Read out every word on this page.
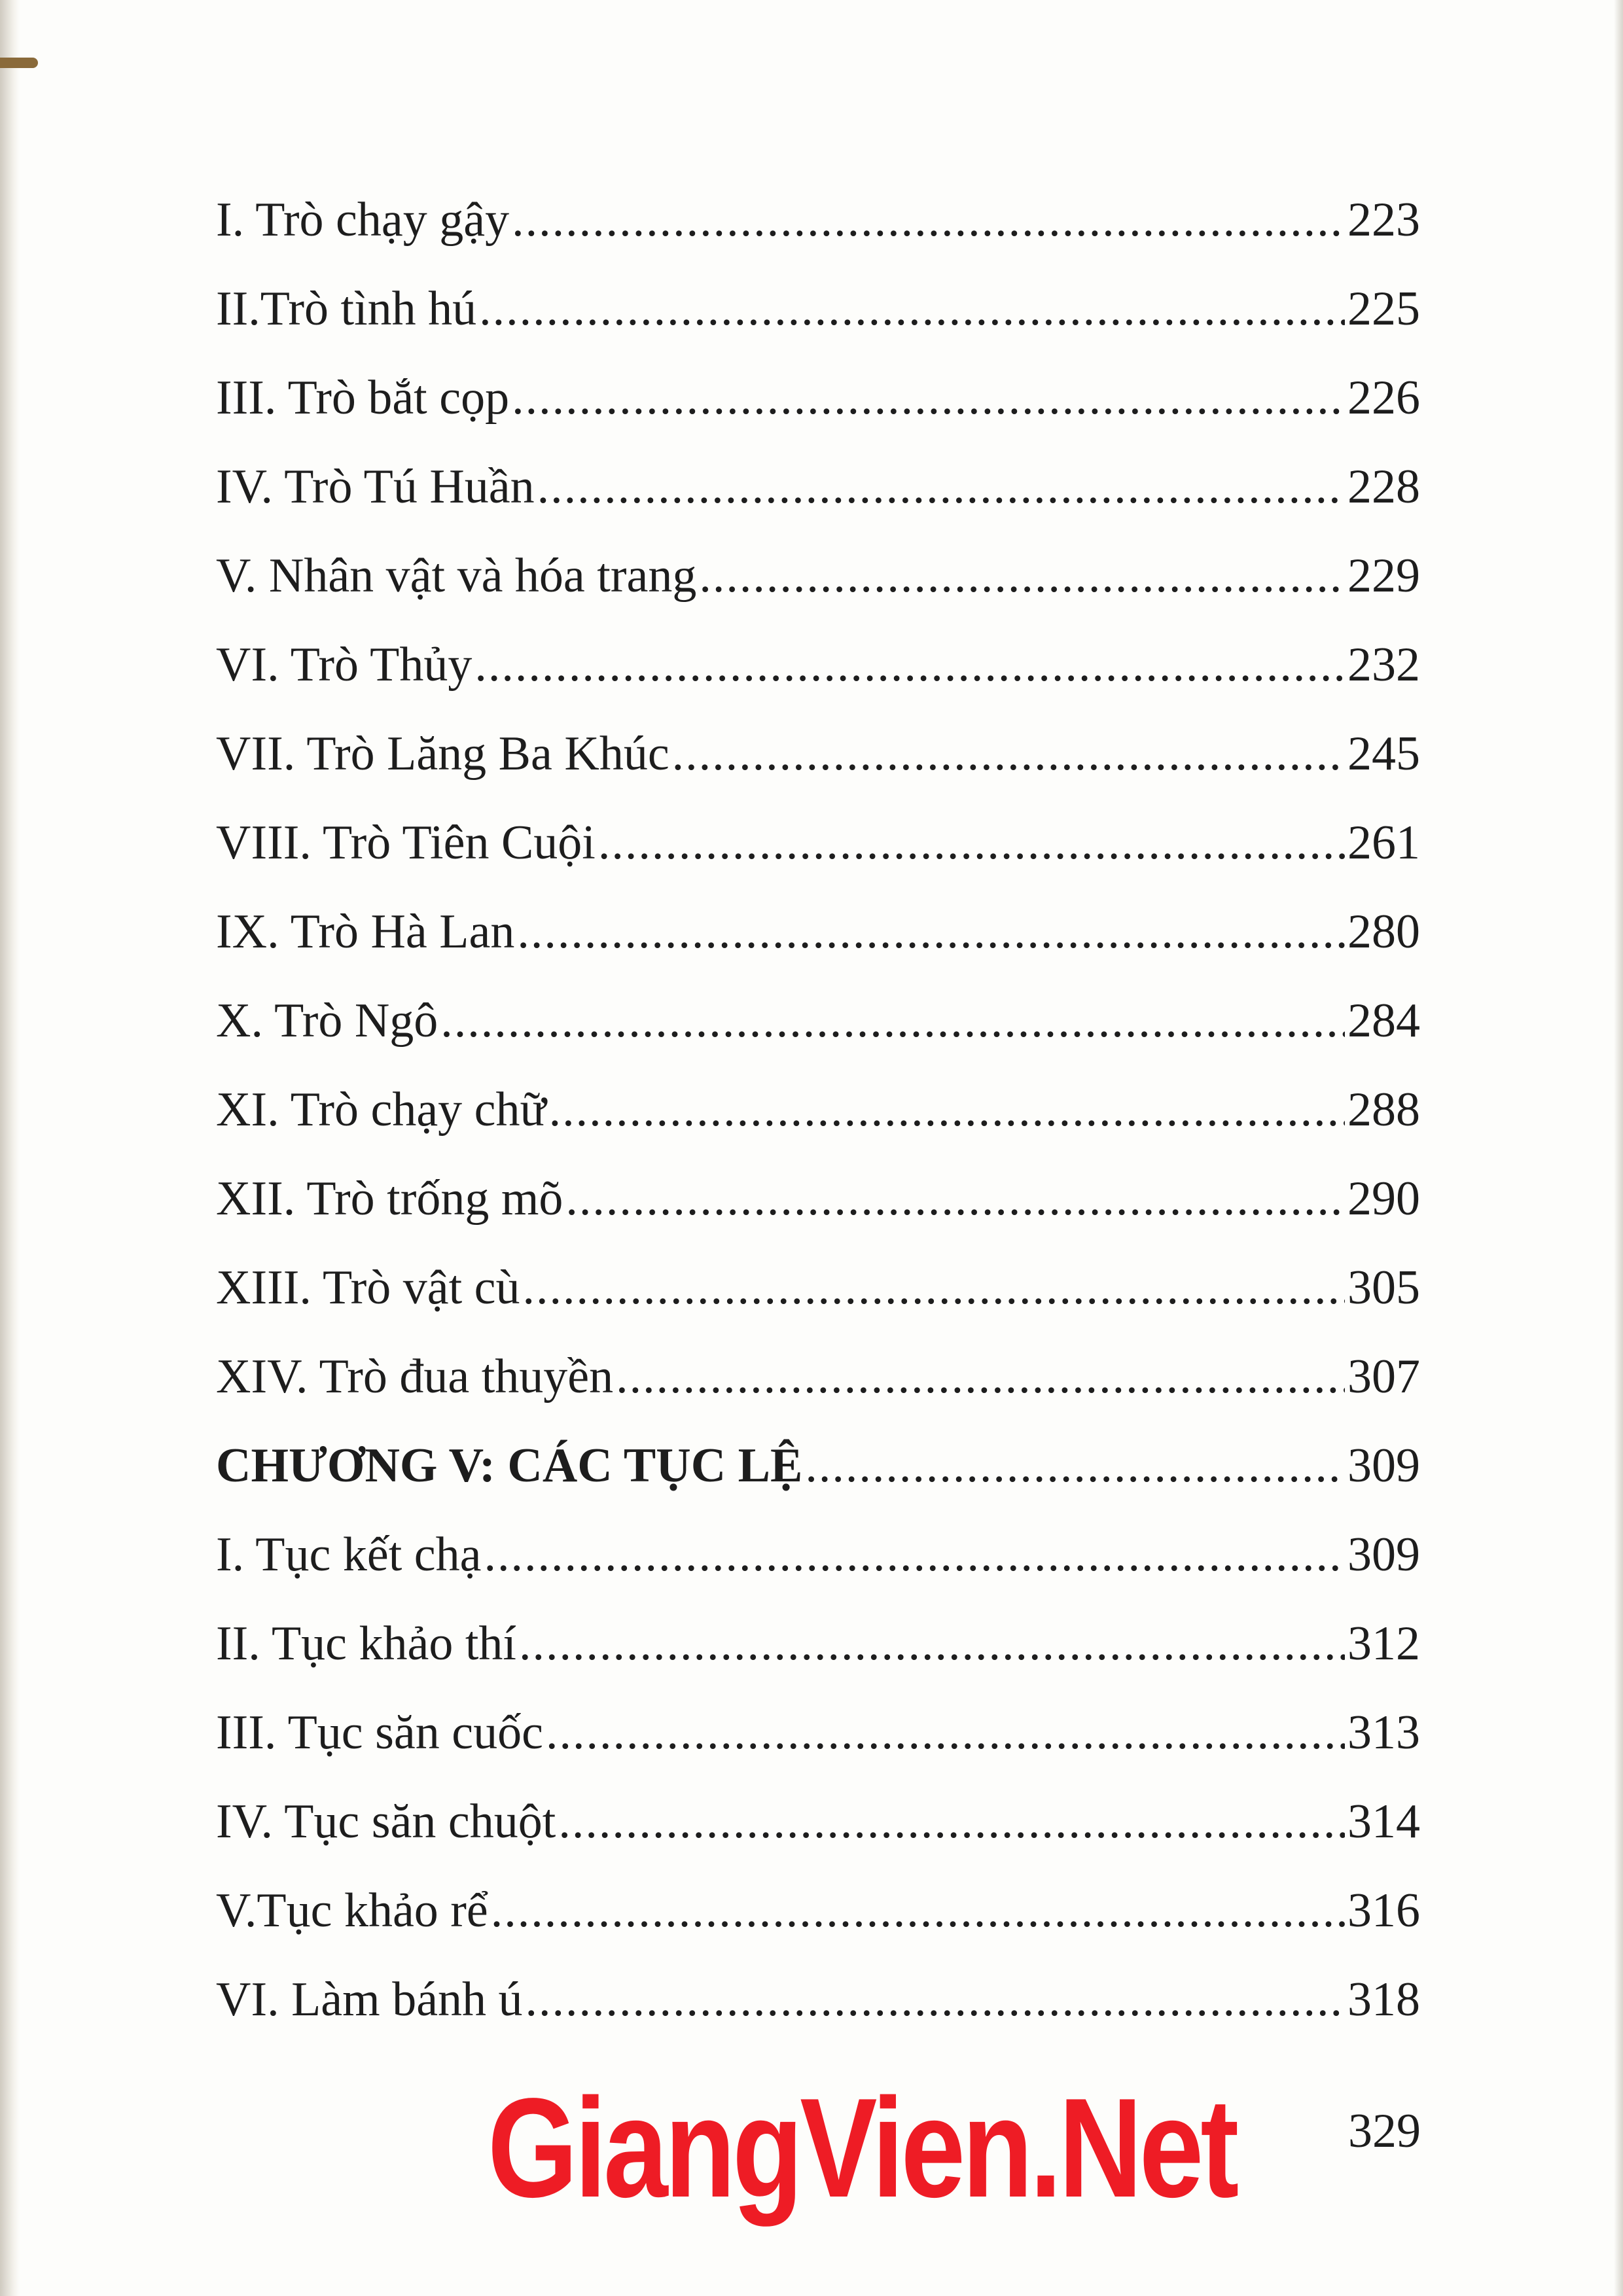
I. Trò chạy gậy .....	223
II.Trò tình hú .....	225
III. Trò bắt cọp .....	226
IV. Trò Tú Huần .....	228
V. Nhân vật và hóa trang .....	229
VI. Trò Thủy .....	232
VII. Trò Lăng Ba Khúc .....	245
VIII. Trò Tiên Cuội .....	261
IX. Trò Hà Lan .....	280
X. Trò Ngô .....	284
XI. Trò chạy chữ .....	288
XII. Trò trống mõ .....	290
XIII. Trò vật cù .....	305
XIV. Trò đua thuyền .....	307
CHƯƠNG V: CÁC TỤC LỆ .....	309
I. Tục kết chạ .....	309
II. Tục khảo thí .....	312
III. Tục săn cuốc .....	313
IV. Tục săn chuột .....	314
V.Tục khảo rể .....	316
VI. Làm bánh ú .....	318
329
GiangVien.Net
